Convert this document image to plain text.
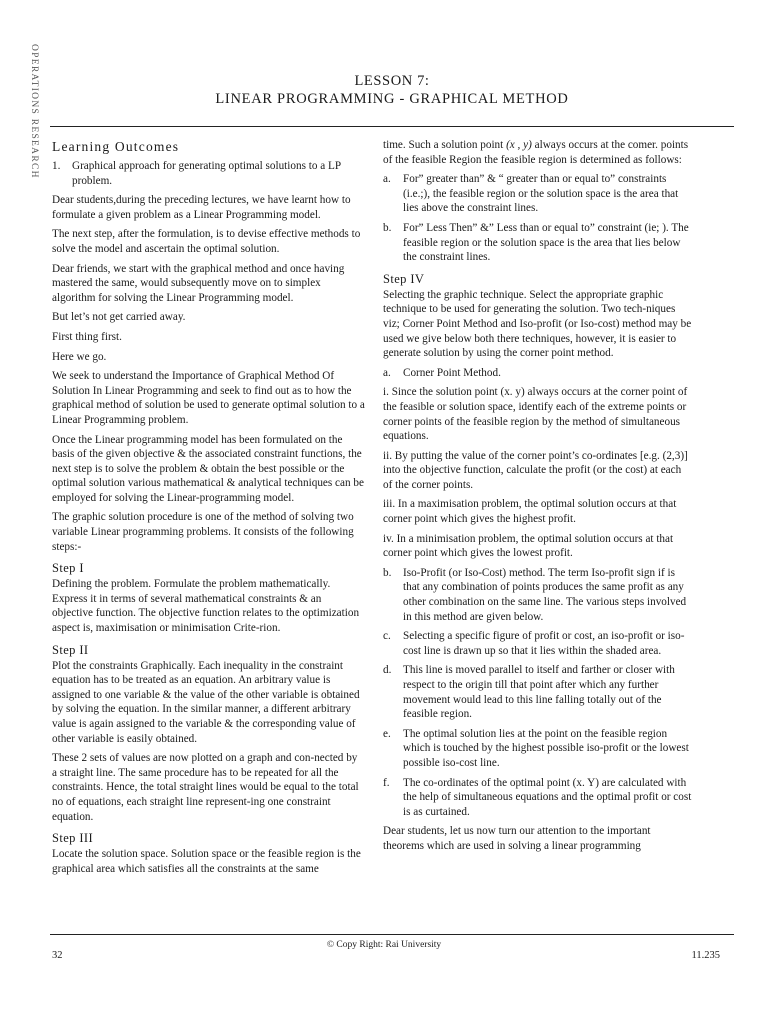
OPERATIONS RESEARCH	LESSON 7:
LINEAR PROGRAMMING - GRAPHICAL METHOD
Learning Outcomes
1.	Graphical approach for generating optimal solutions to a LP problem.

Dear students,during the preceding lectures, we have learnt how to formulate a given problem as a Linear Programming model.

The next step, after the formulation, is to devise effective methods to solve the model and ascertain the optimal solution.

Dear friends, we start with the graphical method and once having mastered the same, would subsequently move on to simplex algorithm for solving the Linear Programming model.

But let’s not get carried away.

First thing first.

Here we go.

We seek to understand the Importance of Graphical Method Of Solution In Linear Programming and seek to find out as to how the graphical method of solution be used to generate optimal solution to a Linear Programming problem.

Once the Linear programming model has been formulated on the basis of the given objective & the associated constraint functions, the next step is to solve the problem & obtain the best possible or the optimal solution various mathematical & analytical techniques can be employed for solving the Linear-programming model.

The graphic solution procedure is one of the method of solving two variable Linear programming problems. It consists of the following steps:-

Step I

Defining the problem. Formulate the problem mathematically. Express it in terms of several mathematical constraints & an objective function. The objective function relates to the optimization aspect is, maximisation or minimisation Crite-rion.

Step II

Plot the constraints Graphically. Each inequality in the constraint equation has to be treated as an equation. An arbitrary value is assigned to one variable & the value of the other variable is obtained by solving the equation. In the similar manner, a different arbitrary value is again assigned to the variable & the corresponding value of other variable is easily obtained.

These 2 sets of values are now plotted on a graph and con-nected by a straight line. The same procedure has to be repeated for all the constraints. Hence, the total straight lines would be equal to the total no of equations, each straight line represent-ing one constraint equation.

Step III

Locate the solution space. Solution space or the feasible region is the graphical area which satisfies all the constraints at the same

time. Such a solution point (x , y) always occurs at the comer. points of the feasible Region the feasible region is determined as follows:

a.	For” greater than” & “ greater than or equal to” constraints (i.e.;), the feasible region or the solution space is the area that lies above the constraint lines.
b.	For” Less Then” &” Less than or equal to” constraint (ie; ). The feasible region or the solution space is the area that lies below the constraint lines.
Step IV

Selecting the graphic technique. Select the appropriate graphic technique to be used for generating the solution. Two tech-niques viz; Corner Point Method and Iso-profit (or Iso-cost) method may be used we give below both there techniques, however, it is easier to generate solution by using the corner point method.

a.	Corner Point Method.

i. Since the solution point (x. y) always occurs at the corner point of the feasible or solution space, identify each of the extreme points or corner points of the feasible region by the method of simultaneous equations.

ii. By putting the value of the corner point’s co-ordinates [e.g. (2,3)] into the objective function, calculate the profit (or the cost) at each of the corner points.

iii. In a maximisation problem, the optimal solution occurs at that corner point which gives the highest profit.

iv. In a minimisation problem, the optimal solution occurs at that corner point which gives the lowest profit.

b.	Iso-Profit (or Iso-Cost) method. The term Iso-profit sign if is that any combination of points produces the same profit as any other combination on the same line. The various steps involved in this method are given below.
c.	Selecting a specific figure of profit or cost, an iso-profit or iso-cost line is drawn up so that it lies within the shaded area.
d.	This line is moved parallel to itself and farther or closer with respect to the origin till that point after which any further movement would lead to this line falling totally out of the feasible region.
e.	The optimal solution lies at the point on the feasible region which is touched by the highest possible iso-profit or the lowest possible iso-cost line.
f.	The co-ordinates of the optimal point (x. Y) are calculated with the help of simultaneous equations and the optimal profit or cost is as curtained.

Dear students, let us now turn our attention to the important theorems which are used in solving a linear programming

© Copy Right: Rai University
32	11.235
